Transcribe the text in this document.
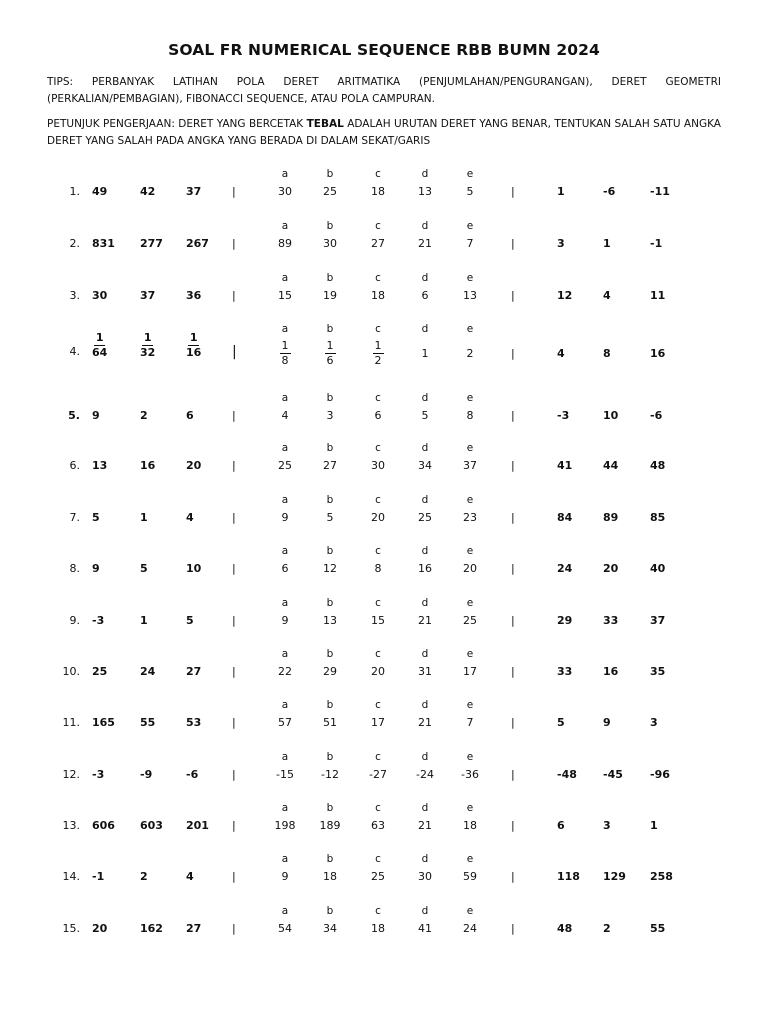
SOAL FR NUMERICAL SEQUENCE RBB BUMN 2024
TIPS: PERBANYAK LATIHAN POLA DERET ARITMATIKA (PENJUMLAHAN/PENGURANGAN), DERET GEOMETRI (PERKALIAN/PEMBAGIAN), FIBONACCI SEQUENCE, ATAU POLA CAMPURAN.
PETUNJUK PENGERJAAN: DERET YANG BERCETAK TEBAL ADALAH URUTAN DERET YANG BENAR, TENTUKAN SALAH SATU ANGKA DERET YANG SALAH PADA ANGKA YANG BERADA DI DALAM SEKAT/GARIS
1. 49	42	37	|
a
30
b
25
c
18
d
13
e
5	|	1	-6	-11
2. 831 277 267 |
a
89
b
30
c
27
d
21
e
7	|	3	1	-1
3. 30	37	36	|
a
15
b
19
c
18
d
6
e
13	|	12	4	11
4. $\frac{1}{64}$	$\frac{1}{32}$	$\frac{1}{16}$ |
a
$\frac{1}{8}$
b
$\frac{1}{6}$
c
$\frac{1}{2}$
d
1
e
2	|	4	8	16
5. 9	2	6	|
a
4
b
3
c
6
d
5
e
8	|	-3	10	-6
6. 13	16	20	|
a
25
b
27
c
30
d
34
e
37	|	41	44	48
7. 5	1	4	|
a
9
b
5
c
20
d
25
e
23	|	84	89	85
8. 9	5	10	|
a
6
b
12
c
8
d
16
e
20	|	24	20	40
9. -3	1	5	|
a
9
b
13
c
15
d
21
e
25	|	29	33	37
10. 25	24	27	|
a
22
b
29
c
20
d
31
e
17	|	33	16	35
11. 165 55	53	|
a
57
b
51
c
17
d
21
e
7	|	5	9	3
12. -3	-9	-6	|
a
-15
b
-12
c
-27
d
-24
e
-36	|	-48 -45 -96
13. 606 603 201 |
a
198
b
189
c
63
d
21
e
18	|	6	3	1
14. -1	2	4	|
a
9
b
18
c
25
d
30
e
59	|	118 129 258
15. 20	162 27	|
a
54
b
34
c
18
d
41
e
24	|	48	2	55
